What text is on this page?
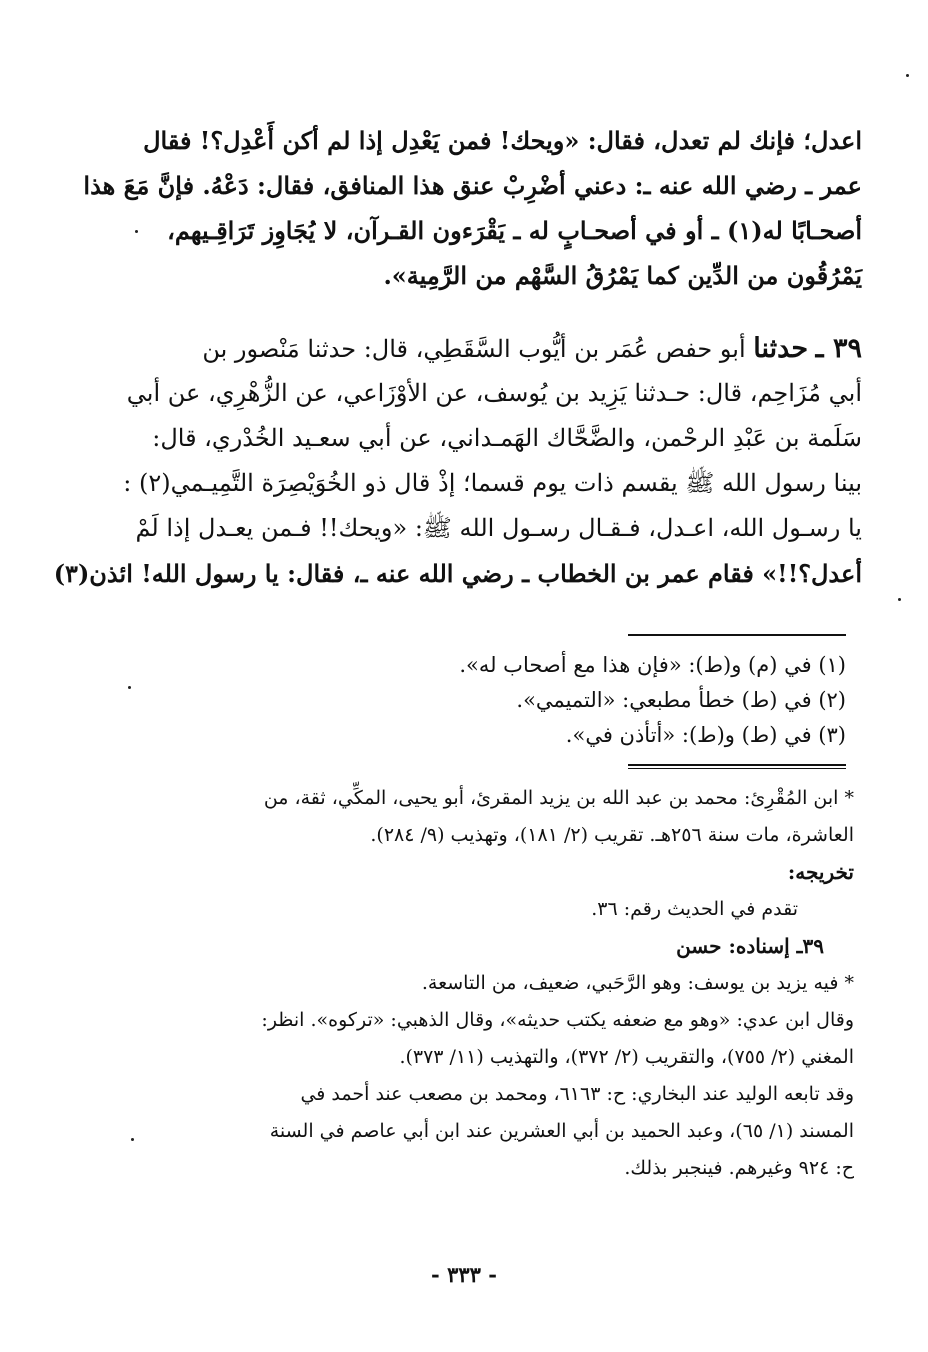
اعدل؛ فإنك لم تعدل، فقال: «ويحك! فمن يَعْدِل إذا لم أكن أَعْدِل؟! فقال
عمر ـ رضي الله عنه ـ: دعني أضْرِبْ عنق هذا المنافق، فقال: دَعْهُ. فإنَّ مَعَ هذا
أصحـابًا له(١) ـ أو في أصحـابٍ له ـ يَقْرَءون القـرآن، لا يُجَاوِز تَرَاقِـيهم،
يَمْرُقُون من الدِّين كما يَمْرُقُ السَّهْم من الرَّمِية».
٣٩ ـ حدثنا أبو حفص عُمَر بن أيُّوب السَّقَطِي، قال: حدثنا مَنْصور بن
أبي مُزَاحِم، قال: حـدثنا يَزِيد بن يُوسف، عن الأوْزَاعي، عن الزُّهْرِي، عن أبي
سَلَمة بن عَبْدِ الرحْمن، والضَّحَّاك الهَمـداني، عن أبي سعـيد الخُدْري، قال:
بينا رسول الله ﷺ يقسم ذات يوم قسما؛ إذْ قال ذو الخُوَيْصِرَة التَّمِيـمي(٢) :
يا رسـول الله، اعـدل، فـقـال رسـول الله ﷺ: «ويحك!! فـمن يعـدل إذا لَمْ
أعدل؟!!» فقام عمر بن الخطاب ـ رضي الله عنه ـ، فقال: يا رسول الله! ائذن(٣)
(١) في (م) و(ط): «فإن هذا مع أصحاب له».
(٢) في (ط) خطأ مطبعي: «التميمي».
(٣) في (ط) و(ط): «أتأذن في».
* ابن المُقْرِئ: محمد بن عبد الله بن يزيد المقرئ، أبو يحيى، المكِّي، ثقة، من
العاشرة، مات سنة ٢٥٦هـ. تقريب (٢/ ١٨١)، وتهذيب (٩/ ٢٨٤).
تخريجه:
تقدم في الحديث رقم: ٣٦.
٣٩ـ إسناده: حسن
* فيه يزيد بن يوسف: وهو الرَّحَبي، ضعيف، من التاسعة.
وقال ابن عدي: «وهو مع ضعفه يكتب حديثه»، وقال الذهبي: «تركوه». انظر:
المغني (٢/ ٧٥٥)، والتقريب (٢/ ٣٧٢)، والتهذيب (١١/ ٣٧٣).
وقد تابعه الوليد عند البخاري: ح: ٦١٦٣، ومحمد بن مصعب عند أحمد في
المسند (١/ ٦٥)، وعبد الحميد بن أبي العشرين عند ابن أبي عاصم في السنة
ح: ٩٢٤ وغيرهم. فينجبر بذلك.
- ٣٣٣ -
